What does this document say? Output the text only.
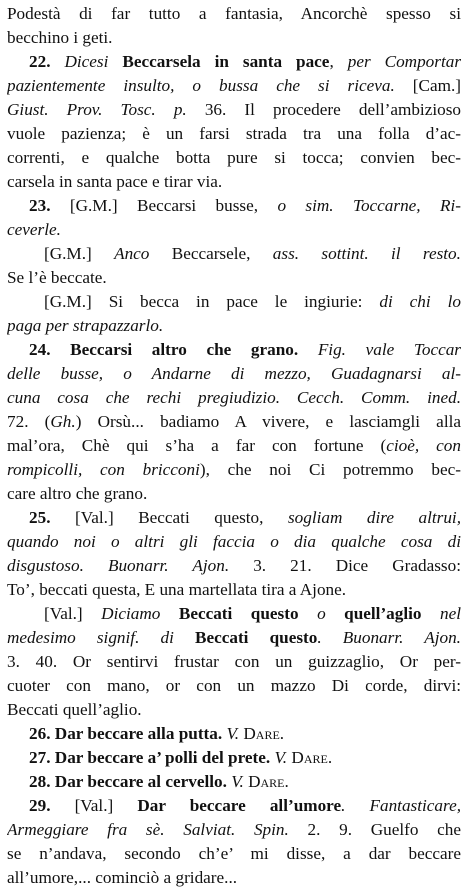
Podestà di far tutto a fantasia, Ancorchè spesso si
becchino i geti.
22. Dicesi Beccarsela in santa pace, per Comportar
pazientemente insulto, o bussa che si riceva. [Cam.]
Giust. Prov. Tosc. p. 36. Il procedere dell’ambizioso
vuole pazienza; è un farsi strada tra una folla d’ac-
correnti, e qualche botta pure si tocca; convien bec-
carsela in santa pace e tirar via.
23. [G.M.] Beccarsi busse, o sim. Toccarne, Ri-
ceverle.
[G.M.] Anco Beccarsele, ass. sottint. il resto.
Se l’è beccate.
[G.M.] Si becca in pace le ingiurie: di chi lo
paga per strapazzarlo.
24. Beccarsi altro che grano. Fig. vale Toccar
delle busse, o Andarne di mezzo, Guadagnarsi al-
cuna cosa che rechi pregiudizio. Cecch. Comm. ined.
72. (Gh.) Orsù... badiamo A vivere, e lasciamgli alla
mal’ora, Chè qui s’ha a far con fortune (cioè, con
rompicolli, con bricconi), che noi Ci potremmo bec-
care altro che grano.
25. [Val.] Beccati questo, sogliam dire altrui,
quando noi o altri gli faccia o dia qualche cosa di
disgustoso. Buonarr. Ajon. 3. 21. Dice Gradasso:
To’, beccati questa, E una martellata tira a Ajone.
[Val.] Diciamo Beccati questo o quell’aglio nel
medesimo signif. di Beccati questo. Buonarr. Ajon.
3. 40. Or sentirvi frustar con un guizzaglio, Or per-
cuoter con mano, or con un mazzo Di corde, dirvi:
Beccati quell’aglio.
26. Dar beccare alla putta. V. Dare.
27. Dar beccare a’ polli del prete. V. Dare.
28. Dar beccare al cervello. V. Dare.
29. [Val.] Dar beccare all’umore. Fantasticare,
Armeggiare fra sè. Salviat. Spin. 2. 9. Guelfo che
se n’andava, secondo ch’e’ mi disse, a dar beccare
all’umore,... cominciò a gridare...
